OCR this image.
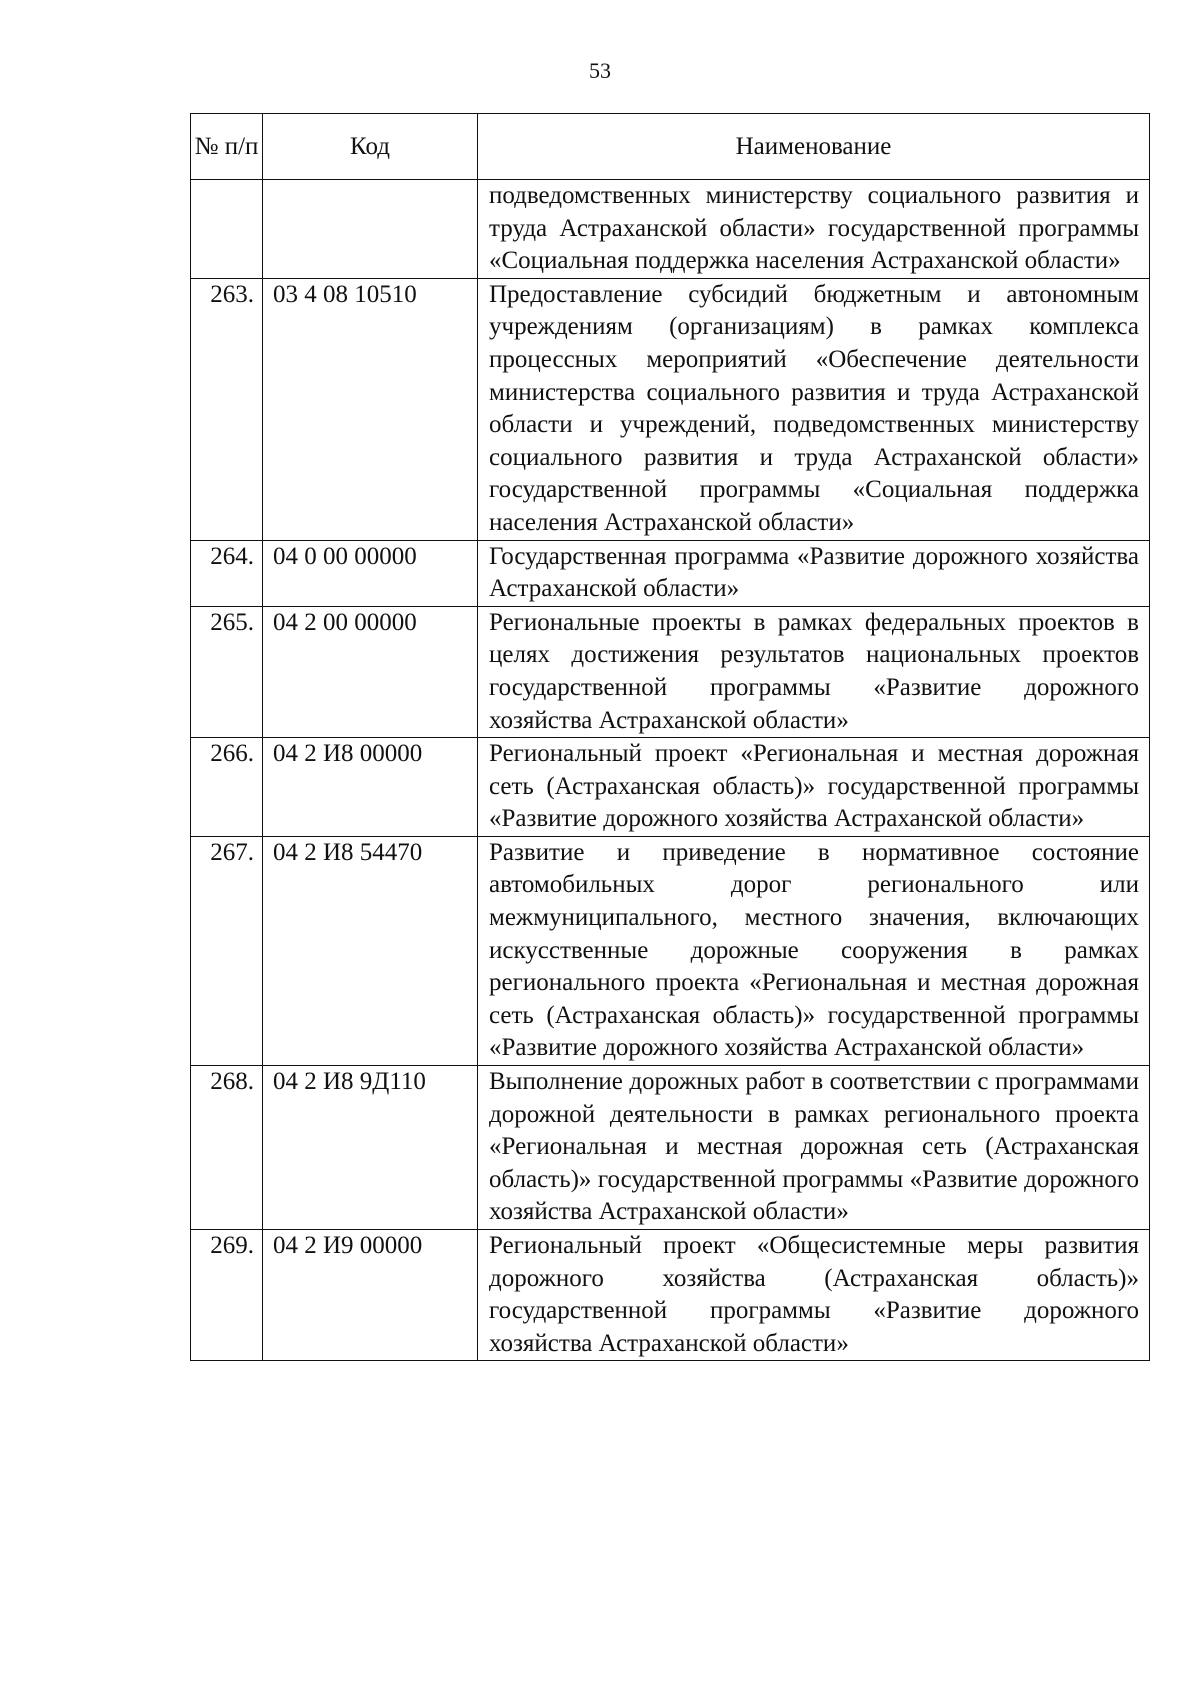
53
№ п/п	Код	Наименование
		подведомственных министерству социального развития и труда Астраханской области» государственной программы «Социальная поддержка населения Астраханской области»
263.	03 4 08 10510	Предоставление субсидий бюджетным и автономным учреждениям (организациям) в рамках комплекса процессных мероприятий «Обеспечение деятельности министерства социального развития и труда Астраханской области и учреждений, подведомственных министерству социального развития и труда Астраханской области» государственной программы «Социальная поддержка населения Астраханской области»
264.	04 0 00 00000	Государственная программа «Развитие дорожного хозяйства Астраханской области»
265.	04 2 00 00000	Региональные проекты в рамках федеральных проектов в целях достижения результатов национальных проектов государственной программы «Развитие дорожного хозяйства Астраханской области»
266.	04 2 И8 00000	Региональный проект «Региональная и местная дорожная сеть (Астраханская область)» государственной программы «Развитие дорожного хозяйства Астраханской области»
267.	04 2 И8 54470	Развитие и приведение в нормативное состояние автомобильных дорог регионального или межмуниципального, местного значения, включающих искусственные дорожные сооружения в рамках регионального проекта «Региональная и местная дорожная сеть (Астраханская область)» государственной программы «Развитие дорожного хозяйства Астраханской области»
268.	04 2 И8 9Д110	Выполнение дорожных работ в соответствии с программами дорожной деятельности в рамках регионального проекта «Региональная и местная дорожная сеть (Астраханская область)» государственной программы «Развитие дорожного хозяйства Астраханской области»
269.	04 2 И9 00000	Региональный проект «Общесистемные меры развития дорожного хозяйства (Астраханская область)» государственной программы «Развитие дорожного хозяйства Астраханской области»
